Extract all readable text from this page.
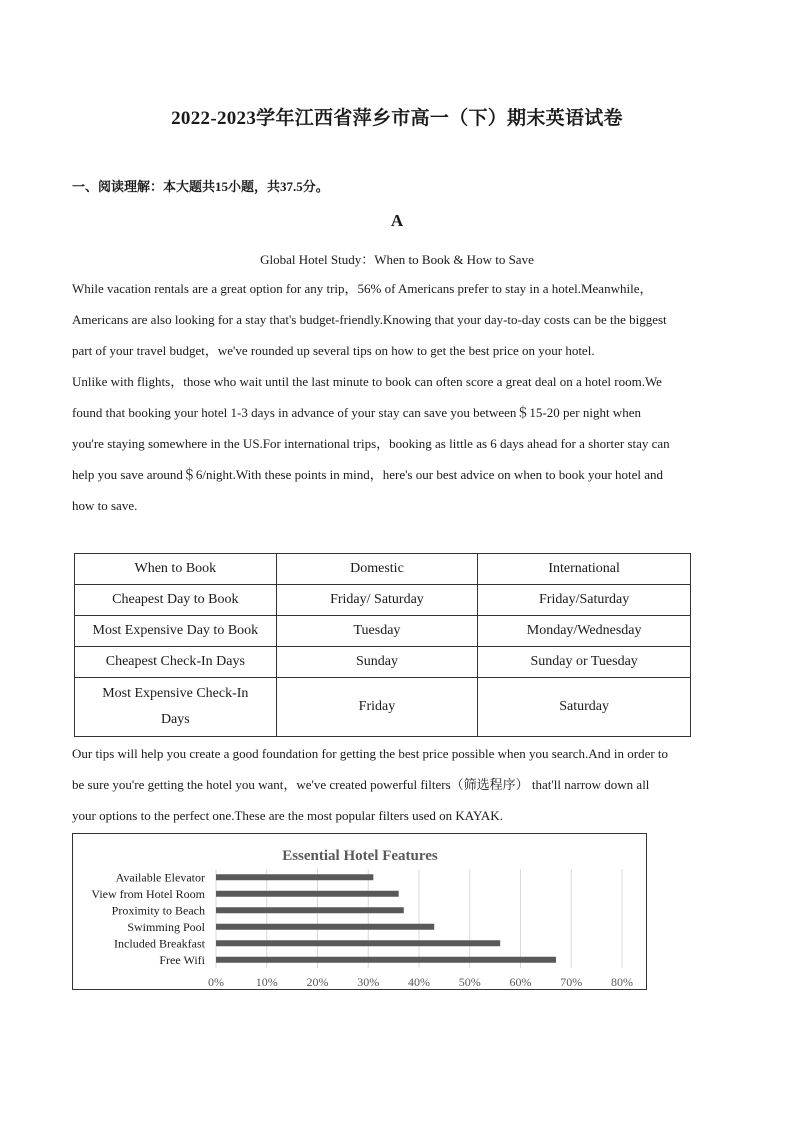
2022-2023学年江西省萍乡市高一（下）期末英语试卷
一、阅读理解：本大题共15小题，共37.5分。
A
Global Hotel Study：When to Book & How to Save
While vacation rentals are a great option for any trip，56% of Americans prefer to stay in a hotel.Meanwhile，
Americans are also looking for a stay that's budget-friendly.Knowing that your day-to-day costs can be the biggest
part of your travel budget，we've rounded up several tips on how to get the best price on your hotel.
Unlike with flights，those who wait until the last minute to book can often score a great deal on a hotel room.We
found that booking your hotel 1-3 days in advance of your stay can save you between＄15-20 per night when
you're staying somewhere in the US.For international trips，booking as little as 6 days ahead for a shorter stay can
help you save around＄6/night.With these points in mind，here's our best advice on when to book your hotel and
how to save.
When to Book	Domestic	International
Cheapest Day to Book	Friday/ Saturday	Friday/Saturday
Most Expensive Day to Book	Tuesday	Monday/Wednesday
Cheapest Check-In Days	Sunday	Sunday or Tuesday
Most Expensive Check-In Days	Friday	Saturday
Our tips will help you create a good foundation for getting the best price possible when you search.And in order to
be sure you're getting the hotel you want，we've created powerful filters（筛选程序） that'll narrow down all
your options to the perfect one.These are the most popular filters used on KAYAK.
Essential Hotel Features
0%	10% 20% 30% 40% 50% 60% 70% 80%
Available Elevator
View from Hotel Room
Proximity to Beach
Swimming Pool
Included Breakfast
Free Wifi
